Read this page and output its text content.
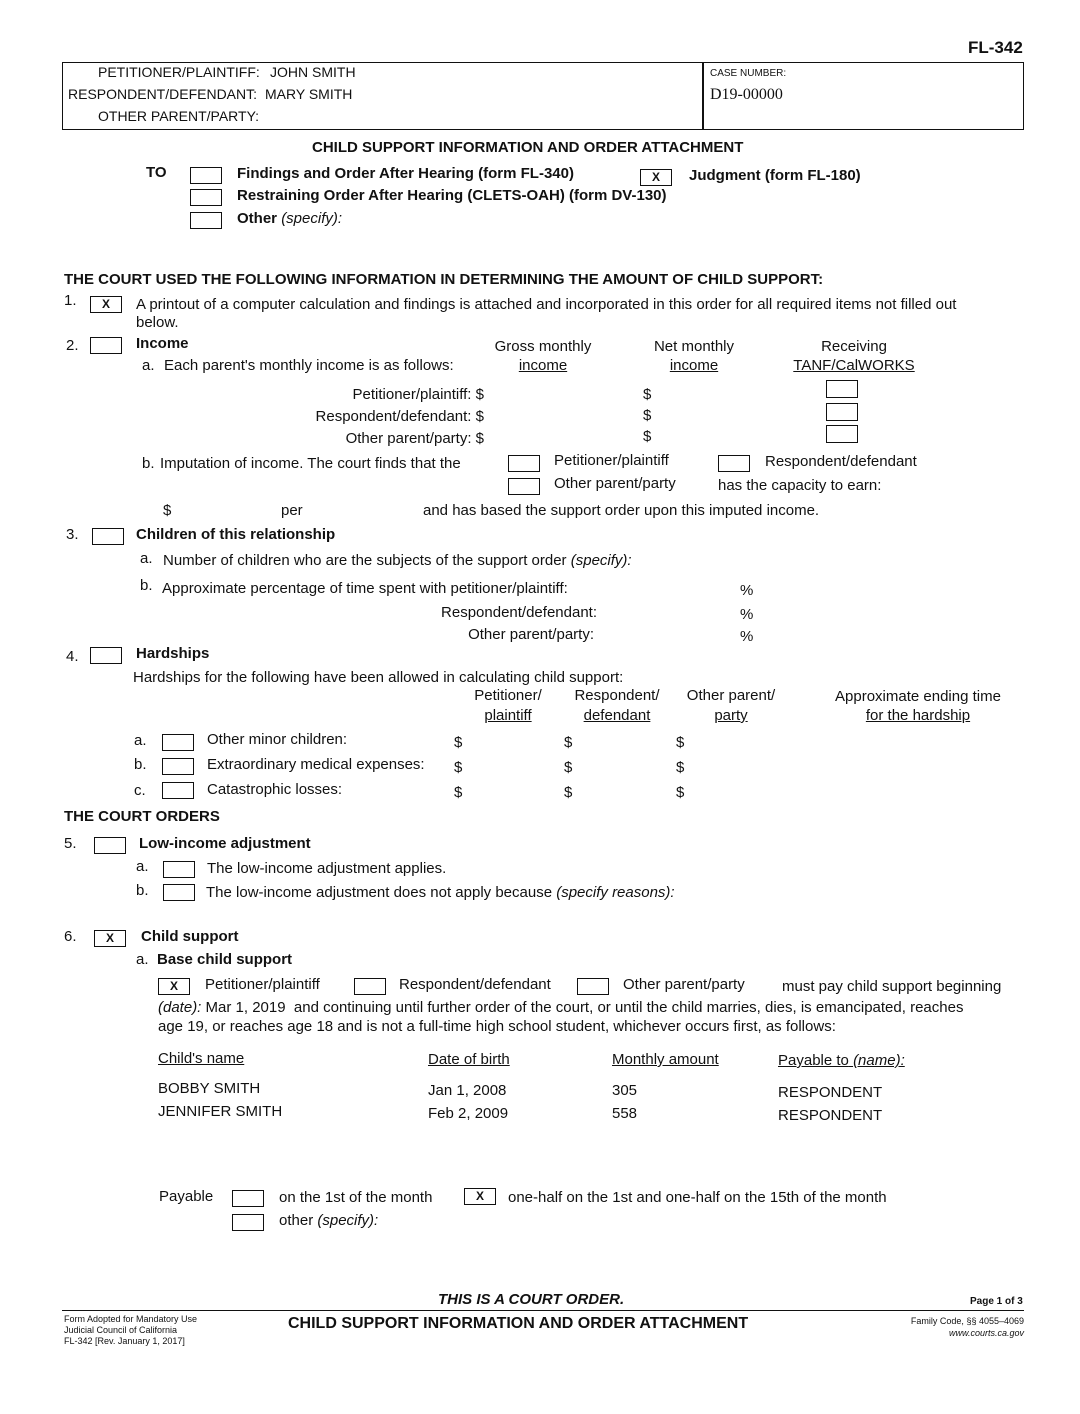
FL-342
PETITIONER/PLAINTIFF: JOHN SMITH
RESPONDENT/DEFENDANT: MARY SMITH
OTHER PARENT/PARTY:
CASE NUMBER:
D19-00000
CHILD SUPPORT INFORMATION AND ORDER ATTACHMENT
TO	Findings and Order After Hearing (form FL-340)	X	Judgment (form FL-180)
Restraining Order After Hearing (CLETS-OAH) (form DV-130)
Other (specify):
THE COURT USED THE FOLLOWING INFORMATION IN DETERMINING THE AMOUNT OF CHILD SUPPORT:
1.	X	A printout of a computer calculation and findings is attached and incorporated in this order for all required items not filled out
below.
2.	Income	Gross monthly
income
Net monthly
income
Receiving
TANF/CalWORKS
a. Each parent's monthly income is as follows:
Petitioner/plaintiff: $	$
Respondent/defendant: $	$
Other parent/party: $	$
b. Imputation of income. The court finds that the	Petitioner/plaintiff	Respondent/defendant
Other parent/party	has the capacity to earn:
$	per	and has based the support order upon this imputed income.
3.	Children of this relationship
a. Number of children who are the subjects of the support order (specify):
b. Approximate percentage of time spent with petitioner/plaintiff:	%
Respondent/defendant:	%
Other parent/party:	%
4.	Hardships
Hardships for the following have been allowed in calculating child support:
Petitioner/
plaintiff
Respondent/
defendant
Other parent/
party
Approximate ending time
for the hardship
a.	Other minor children:	$	$	$
b.	Extraordinary medical expenses: $	$	$
c.	Catastrophic losses:	$	$	$
THE COURT ORDERS
5.	Low-income adjustment
a.	The low-income adjustment applies.
b.	The low-income adjustment does not apply because (specify reasons):
6.	X	Child support
a. Base child support
X	Petitioner/plaintiff	Respondent/defendant	Other parent/party must pay child support beginning
(date): Mar 1, 2019 and continuing until further order of the court, or until the child marries, dies, is emancipated, reaches
age 19, or reaches age 18 and is not a full-time high school student, whichever occurs first, as follows:
Child's name	Date of birth	Monthly amount	Payable to (name):
BOBBY SMITH	Jan 1, 2008	305	RESPONDENT
JENNIFER SMITH	Feb 2, 2009	558	RESPONDENT
Payable	on the 1st of the month	X	one-half on the 1st and one-half on the 15th of the month
other (specify):
THIS IS A COURT ORDER.	Page 1 of 3
Form Adopted for Mandatory Use
Judicial Council of California
FL-342 [Rev. January 1, 2017]
CHILD SUPPORT INFORMATION AND ORDER ATTACHMENT	Family Code, §§ 4055–4069
www.courts.ca.gov
